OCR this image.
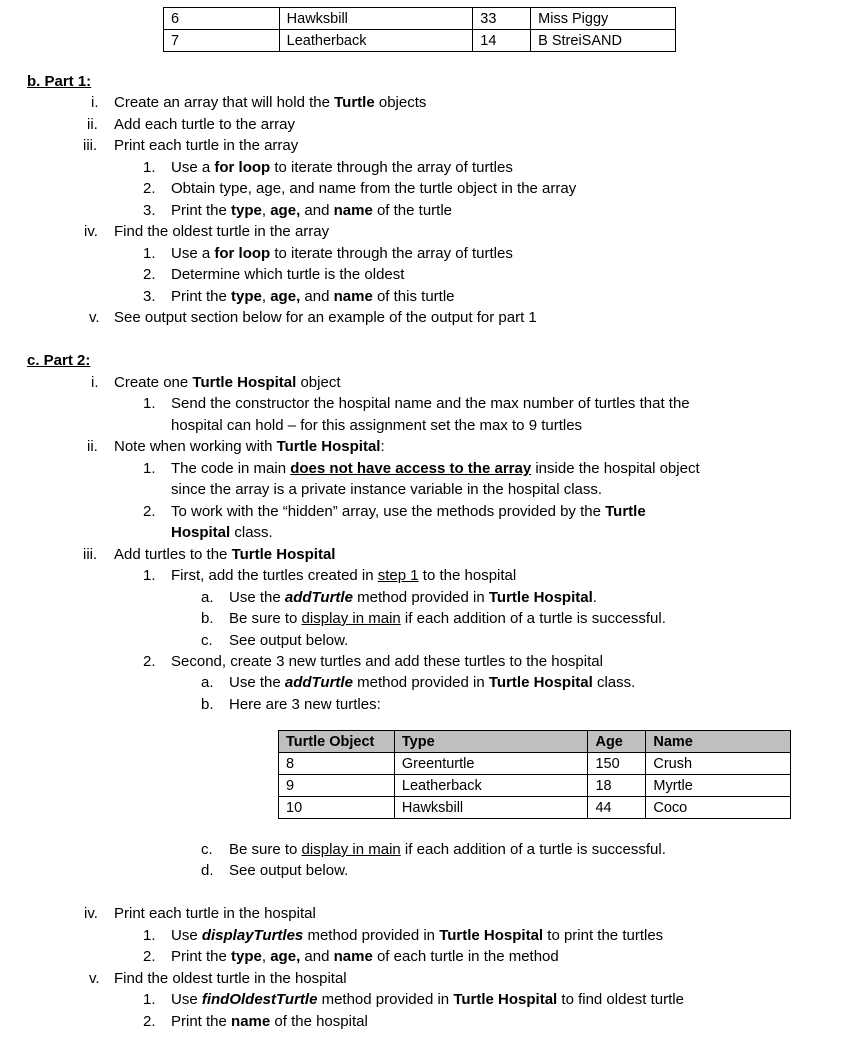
6	Hawksbill	33	Miss Piggy
7	Leatherback	14	B StreiSAND
b. Part 1:
i. Create an array that will hold the Turtle objects
ii. Add each turtle to the array
iii. Print each turtle in the array
1. Use a for loop to iterate through the array of turtles
2. Obtain type, age, and name from the turtle object in the array
3. Print the type, age, and name of the turtle
iv. Find the oldest turtle in the array
1. Use a for loop to iterate through the array of turtles
2. Determine which turtle is the oldest
3. Print the type, age, and name of this turtle
v. See output section below for an example of the output for part 1
c. Part 2:
i. Create one Turtle Hospital object
1. Send the constructor the hospital name and the max number of turtles that the
hospital can hold – for this assignment set the max to 9 turtles
ii. Note when working with Turtle Hospital:
1. The code in main does not have access to the array inside the hospital object
since the array is a private instance variable in the hospital class.
2. To work with the “hidden” array, use the methods provided by the Turtle
Hospital class.
iii. Add turtles to the Turtle Hospital
1. First, add the turtles created in step 1 to the hospital
a. Use the addTurtle method provided in Turtle Hospital.
b. Be sure to display in main if each addition of a turtle is successful.
c. See output below.
2. Second, create 3 new turtles and add these turtles to the hospital
a. Use the addTurtle method provided in Turtle Hospital class.
b. Here are 3 new turtles:
Turtle Object	Type	Age	Name
8	Greenturtle	150	Crush
9	Leatherback	18	Myrtle
10	Hawksbill	44	Coco
c. Be sure to display in main if each addition of a turtle is successful.
d. See output below.
iv. Print each turtle in the hospital
1. Use displayTurtles method provided in Turtle Hospital to print the turtles
2. Print the type, age, and name of each turtle in the method
v. Find the oldest turtle in the hospital
1. Use findOldestTurtle method provided in Turtle Hospital to find oldest turtle
2. Print the name of the hospital
